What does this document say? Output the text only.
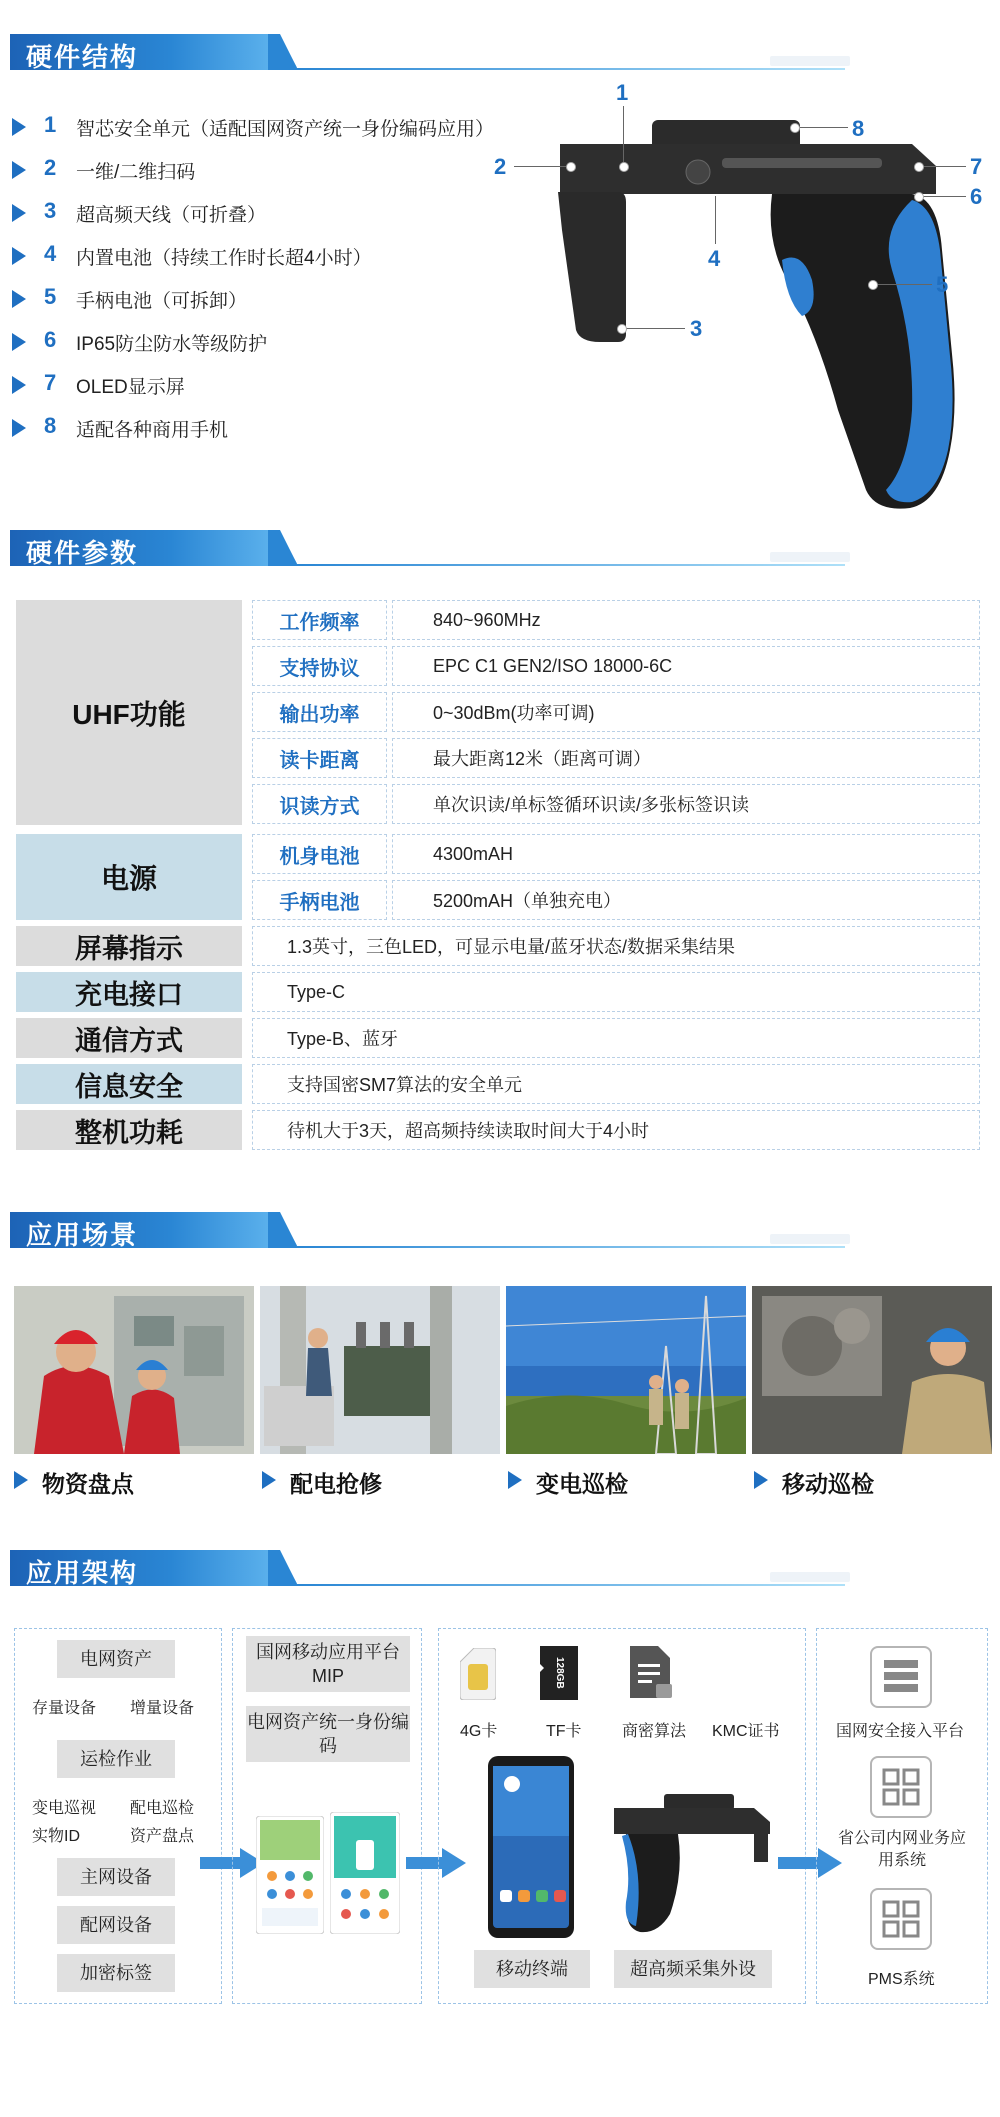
硬件结构
1 智芯安全单元（适配国网资产统一身份编码应用）
2 一维/二维扫码
3 超高频天线（可折叠）
4 内置电池（持续工作时长超4小时）
5 手柄电池（可拆卸）
6 IP65防尘防水等级防护
7 OLED显示屏
8 适配各种商用手机
1
2
3
4
5
6
7
8
硬件参数
UHF功能
工作频率	840~960MHz
支持协议	EPC C1 GEN2/ISO 18000-6C
输出功率	0~30dBm(功率可调)
读卡距离	最大距离12米（距离可调）
识读方式	单次识读/单标签循环识读/多张标签识读
电源
机身电池	4300mAH
手柄电池	5200mAH（单独充电）
屏幕指示	1.3英寸，三色LED，可显示电量/蓝牙状态/数据采集结果
充电接口	Type-C
通信方式	Type-B、蓝牙
信息安全	支持国密SM7算法的安全单元
整机功耗	待机大于3天，超高频持续读取时间大于4小时
应用场景
物资盘点	配电抢修	变电巡检	移动巡检
应用架构
电网资产
存量设备 增量设备
运检作业
变电巡视 配电巡检
实物ID	资产盘点
主网设备
配网设备
加密标签
国网移动应用平台MIP
电网资产统一身份编码
4G卡
128GB
TF卡	商密算法 KMC证书
移动终端	超高频采集外设
国网安全接入平台
省公司内网业务应用系统
PMS系统
